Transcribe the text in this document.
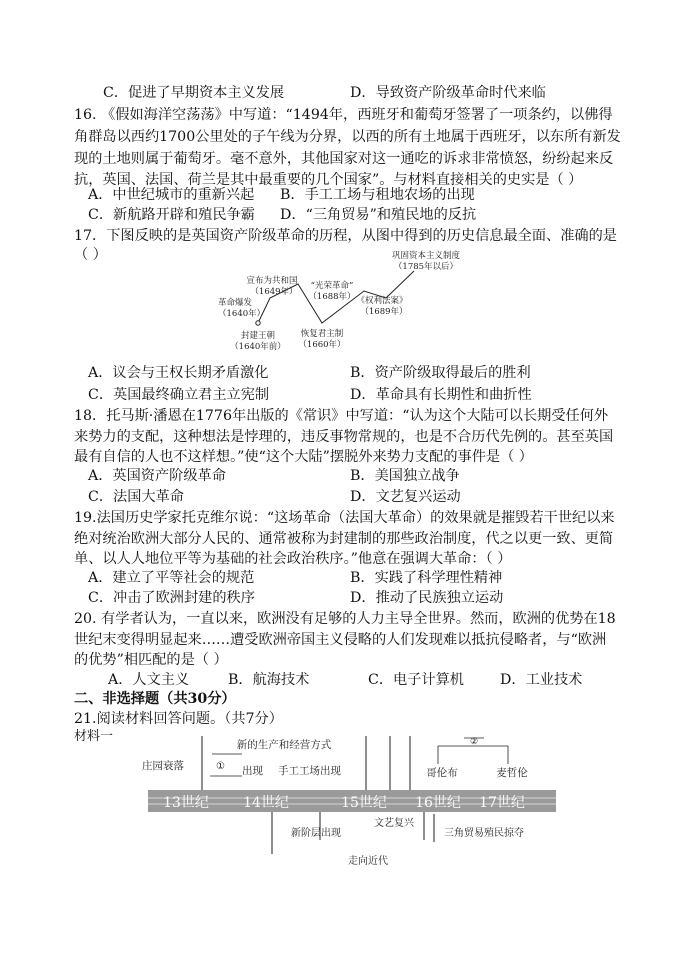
C．促进了早期资本主义发展	D．导致资产阶级革命时代来临
16. 《假如海洋空荡荡》中写道：“1494年，西班牙和葡萄牙签署了一项条约，以佛得
角群岛以西约1700公里处的子午线为分界，以西的所有土地属于西班牙，以东所有新发
现的土地则属于葡萄牙。毫不意外，其他国家对这一通吃的诉求非常愤怒，纷纷起来反
抗，英国、法国、荷兰是其中最重要的几个国家”。与材料直接相关的史实是（ ）
A．中世纪城市的重新兴起 B．手工工场与租地农场的出现
C．新航路开辟和殖民争霸 D．“三角贸易”和殖民地的反抗
17．下图反映的是英国资产阶级革命的历程，从图中得到的历史信息最全面、准确的是
（ ）	巩固资本主义制度
（1785年以后）
宣布为共和国
（1649年）
“光荣革命”
（1688年） 《权利法案》
（1689年）
革命爆发
（1640年）
封建王朝
（1640年前）
恢复君主制
（1660年）
A．议会与王权长期矛盾激化	B．资产阶级取得最后的胜利
C．英国最终确立君主立宪制	D．革命具有长期性和曲折性
18．托马斯·潘恩在1776年出版的《常识》中写道：“认为这个大陆可以长期受任何外
来势力的支配，这种想法是悖理的，违反事物常规的，也是不合历代先例的。甚至英国
最有自信的人也不这样想。”使“这个大陆”摆脱外来势力支配的事件是（ ）
A．英国资产阶级革命	B．美国独立战争
C．法国大革命	D．文艺复兴运动
19.法国历史学家托克维尔说：“这场革命（法国大革命）的效果就是摧毁若干世纪以来
绝对统治欧洲大部分人民的、通常被称为封建制的那些政治制度，代之以更一致、更简
单、以人人地位平等为基础的社会政治秩序。”他意在强调大革命：（ ）
A．建立了平等社会的规范	B．实践了科学理性精神
C．冲击了欧洲封建的秩序	D．推动了民族独立运动
20. 有学者认为，一直以来，欧洲没有足够的人力主导全世界。然而，欧洲的优势在18
世纪末变得明显起来……遭受欧洲帝国主义侵略的人们发现难以抵抗侵略者，与“欧洲
的优势”相匹配的是（ ）
A．人文主义	B．航海技术	C．电子计算机	D．工业技术
二、非选择题（共30分）
21.阅读材料回答问题。（共7分）
材料一
新的生产和经营方式
庄园衰落	① 出现 手工工场出现
②
哥伦布	麦哲伦
13世纪 14世纪	15世纪 16世纪 17世纪
文艺复兴
新阶层出现	三角贸易殖民掠夺
走向近代
